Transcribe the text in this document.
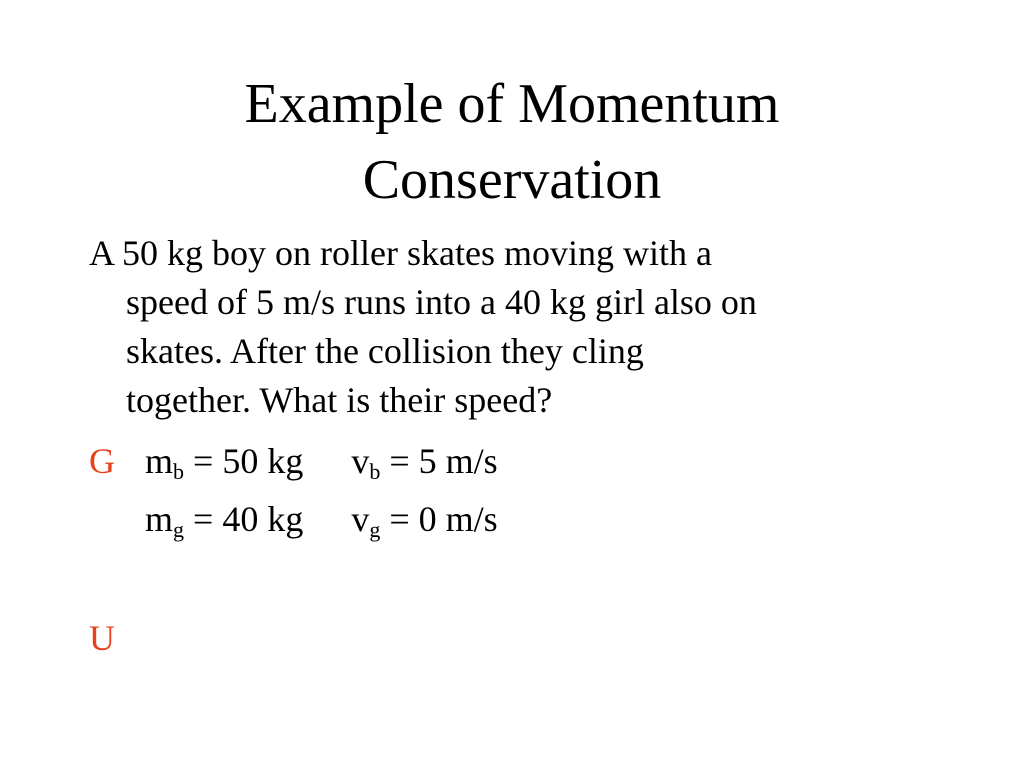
Example of Momentum
Conservation
A 50 kg boy on roller skates moving with a
speed of 5 m/s runs into a 40 kg girl also on
skates. After the collision they cling
together. What is their speed?
G $m_b = 50$ kg $v_b = 5$ m/s
$m_g = 40$ kg $v_g = 0$ m/s
U
